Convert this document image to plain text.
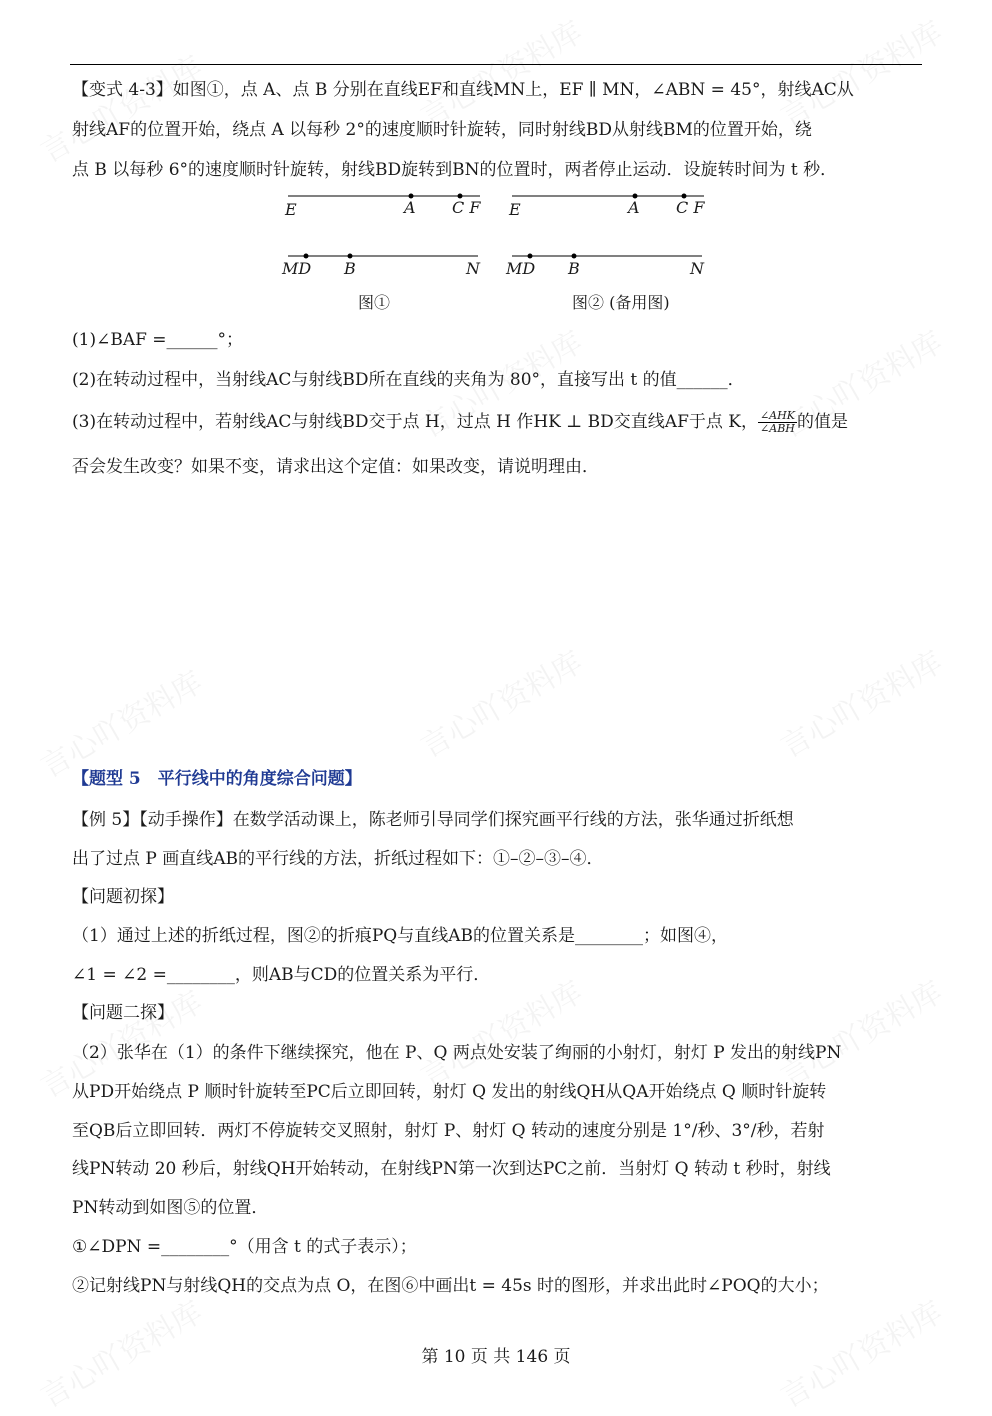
【变式 4-3】如图①，点 A、点 B 分别在直线EF和直线MN上，EF ∥ MN，∠ABN = 45°，射线AC从
射线AF的位置开始，绕点 A 以每秒 2°的速度顺时针旋转，同时射线BD从射线BM的位置开始，绕
点 B 以每秒 6°的速度顺时针旋转，射线BD旋转到BN的位置时，两者停止运动．设旋转时间为 t 秒．
E	A C F
MD B	N
图①
E	A C F
MD B	N
图② (备用图)
(1)∠BAF =______°；
(2)在转动过程中，当射线AC与射线BD所在直线的夹角为 80°，直接写出 t 的值______．
(3)在转动过程中，若射线AC与射线BD交于点 H，过点 H 作HK ⊥ BD交直线AF于点 K， $\frac{\text{∠AHK}}{\text{∠ABH}}$ 的值是
否会发生改变？如果不变，请求出这个定值：如果改变，请说明理由．
【题型 5　平行线中的角度综合问题】
【例 5】【动手操作】在数学活动课上，陈老师引导同学们探究画平行线的方法，张华通过折纸想
出了过点 P 画直线AB的平行线的方法，折纸过程如下：①–②–③–④．
【问题初探】
（1）通过上述的折纸过程，图②的折痕PQ与直线AB的位置关系是________；如图④，
∠1 = ∠2 =________，则AB与CD的位置关系为平行．
【问题二探】
（2）张华在（1）的条件下继续探究，他在 P、Q 两点处安装了绚丽的小射灯，射灯 P 发出的射线PN
从PD开始绕点 P 顺时针旋转至PC后立即回转，射灯 Q 发出的射线QH从QA开始绕点 Q 顺时针旋转
至QB后立即回转．两灯不停旋转交叉照射，射灯 P、射灯 Q 转动的速度分别是 1°/秒、3°/秒，若射
线PN转动 20 秒后，射线QH开始转动，在射线PN第一次到达PC之前．当射灯 Q 转动 t 秒时，射线
PN转动到如图⑤的位置．
①∠DPN =________°（用含 t 的式子表示）；
②记射线PN与射线QH的交点为点 O，在图⑥中画出t = 45s 时的图形，并求出此时∠POQ的大小；
第 10 页 共 146 页
